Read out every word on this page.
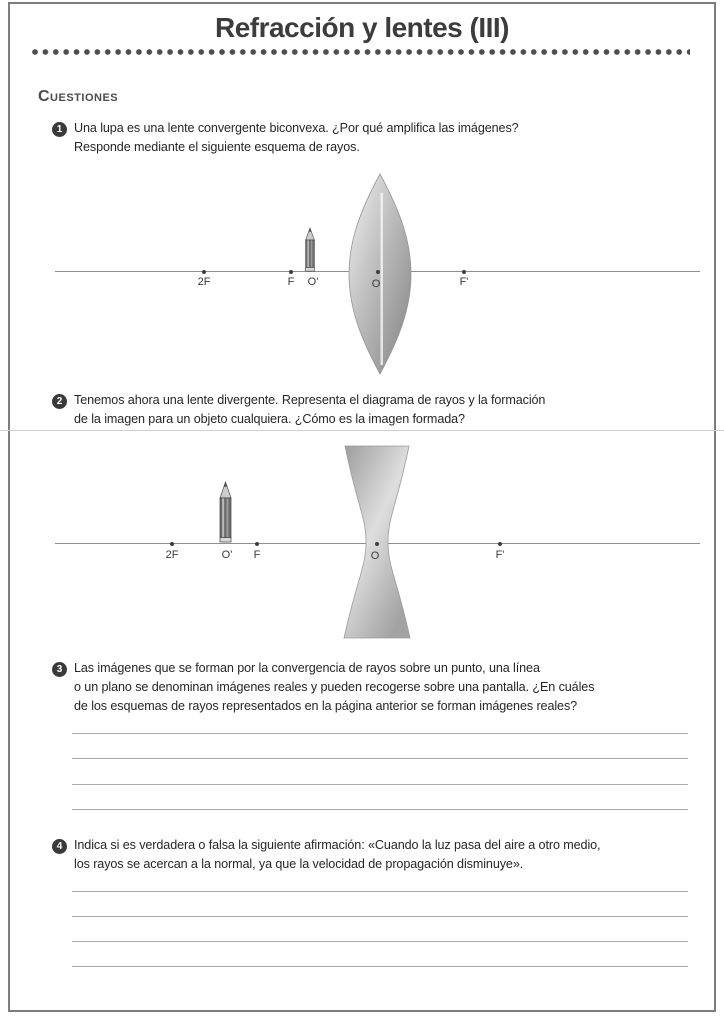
Refracción y lentes (III)
Cuestiones
1 Una lupa es una lente convergente biconvexa. ¿Por qué amplifica las imágenes?
Responde mediante el siguiente esquema de rayos.
2F	F O'	O	F'
2 Tenemos ahora una lente divergente. Representa el diagrama de rayos y la formación
de la imagen para un objeto cualquiera. ¿Cómo es la imagen formada?
2F	O' F	O	F'
3 Las imágenes que se forman por la convergencia de rayos sobre un punto, una línea
o un plano se denominan imágenes reales y pueden recogerse sobre una pantalla. ¿En cuáles
de los esquemas de rayos representados en la página anterior se forman imágenes reales?
4 Indica si es verdadera o falsa la siguiente afirmación: «Cuando la luz pasa del aire a otro medio,
los rayos se acercan a la normal, ya que la velocidad de propagación disminuye».
